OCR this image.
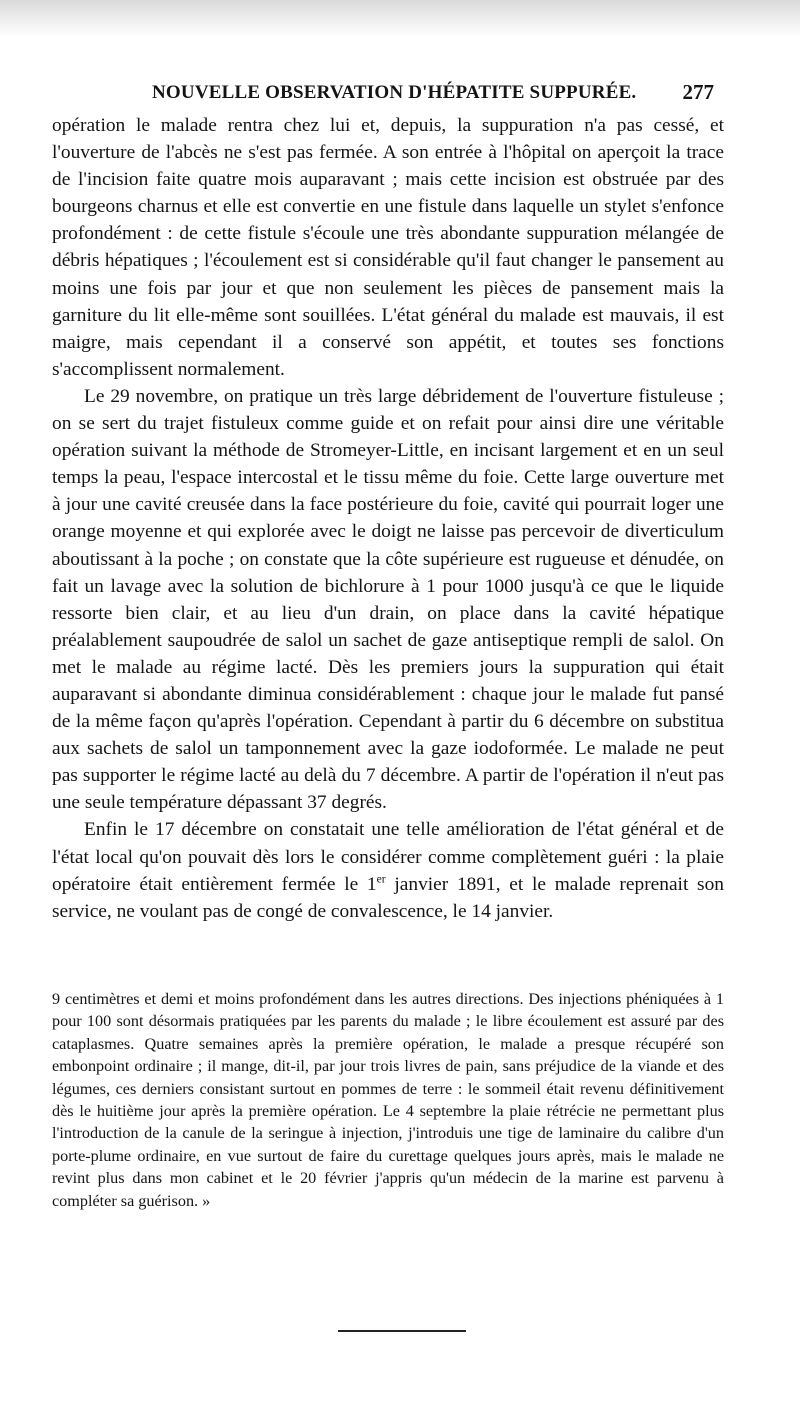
NOUVELLE OBSERVATION D'HÉPATITE SUPPURÉE. 277

opération le malade rentra chez lui et, depuis, la suppuration n'a pas cessé, et l'ouverture de l'abcès ne s'est pas fermée. A son entrée à l'hôpital on aperçoit la trace de l'incision faite quatre mois auparavant ; mais cette incision est obstruée par des bourgeons charnus et elle est convertie en une fistule dans laquelle un stylet s'enfonce profondément : de cette fistule s'écoule une très abondante suppuration mélangée de débris hépatiques ; l'écoulement est si considérable qu'il faut changer le pansement au moins une fois par jour et que non seulement les pièces de pansement mais la garniture du lit elle-même sont souillées. L'état général du malade est mauvais, il est maigre, mais cependant il a conservé son appétit, et toutes ses fonctions s'accomplissent normalement.

Le 29 novembre, on pratique un très large débridement de l'ouverture fistuleuse ; on se sert du trajet fistuleux comme guide et on refait pour ainsi dire une véritable opération suivant la méthode de Stromeyer-Little, en incisant largement et en un seul temps la peau, l'espace intercostal et le tissu même du foie. Cette large ouverture met à jour une cavité creusée dans la face postérieure du foie, cavité qui pourrait loger une orange moyenne et qui explorée avec le doigt ne laisse pas percevoir de diverticulum aboutissant à la poche ; on constate que la côte supérieure est rugueuse et dénudée, on fait un lavage avec la solution de bichlorure à 1 pour 1000 jusqu'à ce que le liquide ressorte bien clair, et au lieu d'un drain, on place dans la cavité hépatique préalablement saupoudrée de salol un sachet de gaze antiseptique rempli de salol. On met le malade au régime lacté. Dès les premiers jours la suppuration qui était auparavant si abondante diminua considérablement : chaque jour le malade fut pansé de la même façon qu'après l'opération. Cependant à partir du 6 décembre on substitua aux sachets de salol un tamponnement avec la gaze iodoformée. Le malade ne peut pas supporter le régime lacté au delà du 7 décembre. A partir de l'opération il n'eut pas une seule température dépassant 37 degrés.

Enfin le 17 décembre on constatait une telle amélioration de l'état général et de l'état local qu'on pouvait dès lors le considérer comme complètement guéri : la plaie opératoire était entièrement fermée le 1er janvier 1891, et le malade reprenait son service, ne voulant pas de congé de convalescence, le 14 janvier.

9 centimètres et demi et moins profondément dans les autres directions. Des injections phéniquées à 1 pour 100 sont désormais pratiquées par les parents du malade ; le libre écoulement est assuré par des cataplasmes. Quatre semaines après la première opération, le malade a presque récupéré son embonpoint ordinaire ; il mange, dit-il, par jour trois livres de pain, sans préjudice de la viande et des légumes, ces derniers consistant surtout en pommes de terre : le sommeil était revenu définitivement dès le huitième jour après la première opération. Le 4 septembre la plaie rétrécie ne permettant plus l'introduction de la canule de la seringue à injection, j'introduis une tige de laminaire du calibre d'un porte-plume ordinaire, en vue surtout de faire du curettage quelques jours après, mais le malade ne revint plus dans mon cabinet et le 20 février j'appris qu'un médecin de la marine est parvenu à compléter sa guérison. »
